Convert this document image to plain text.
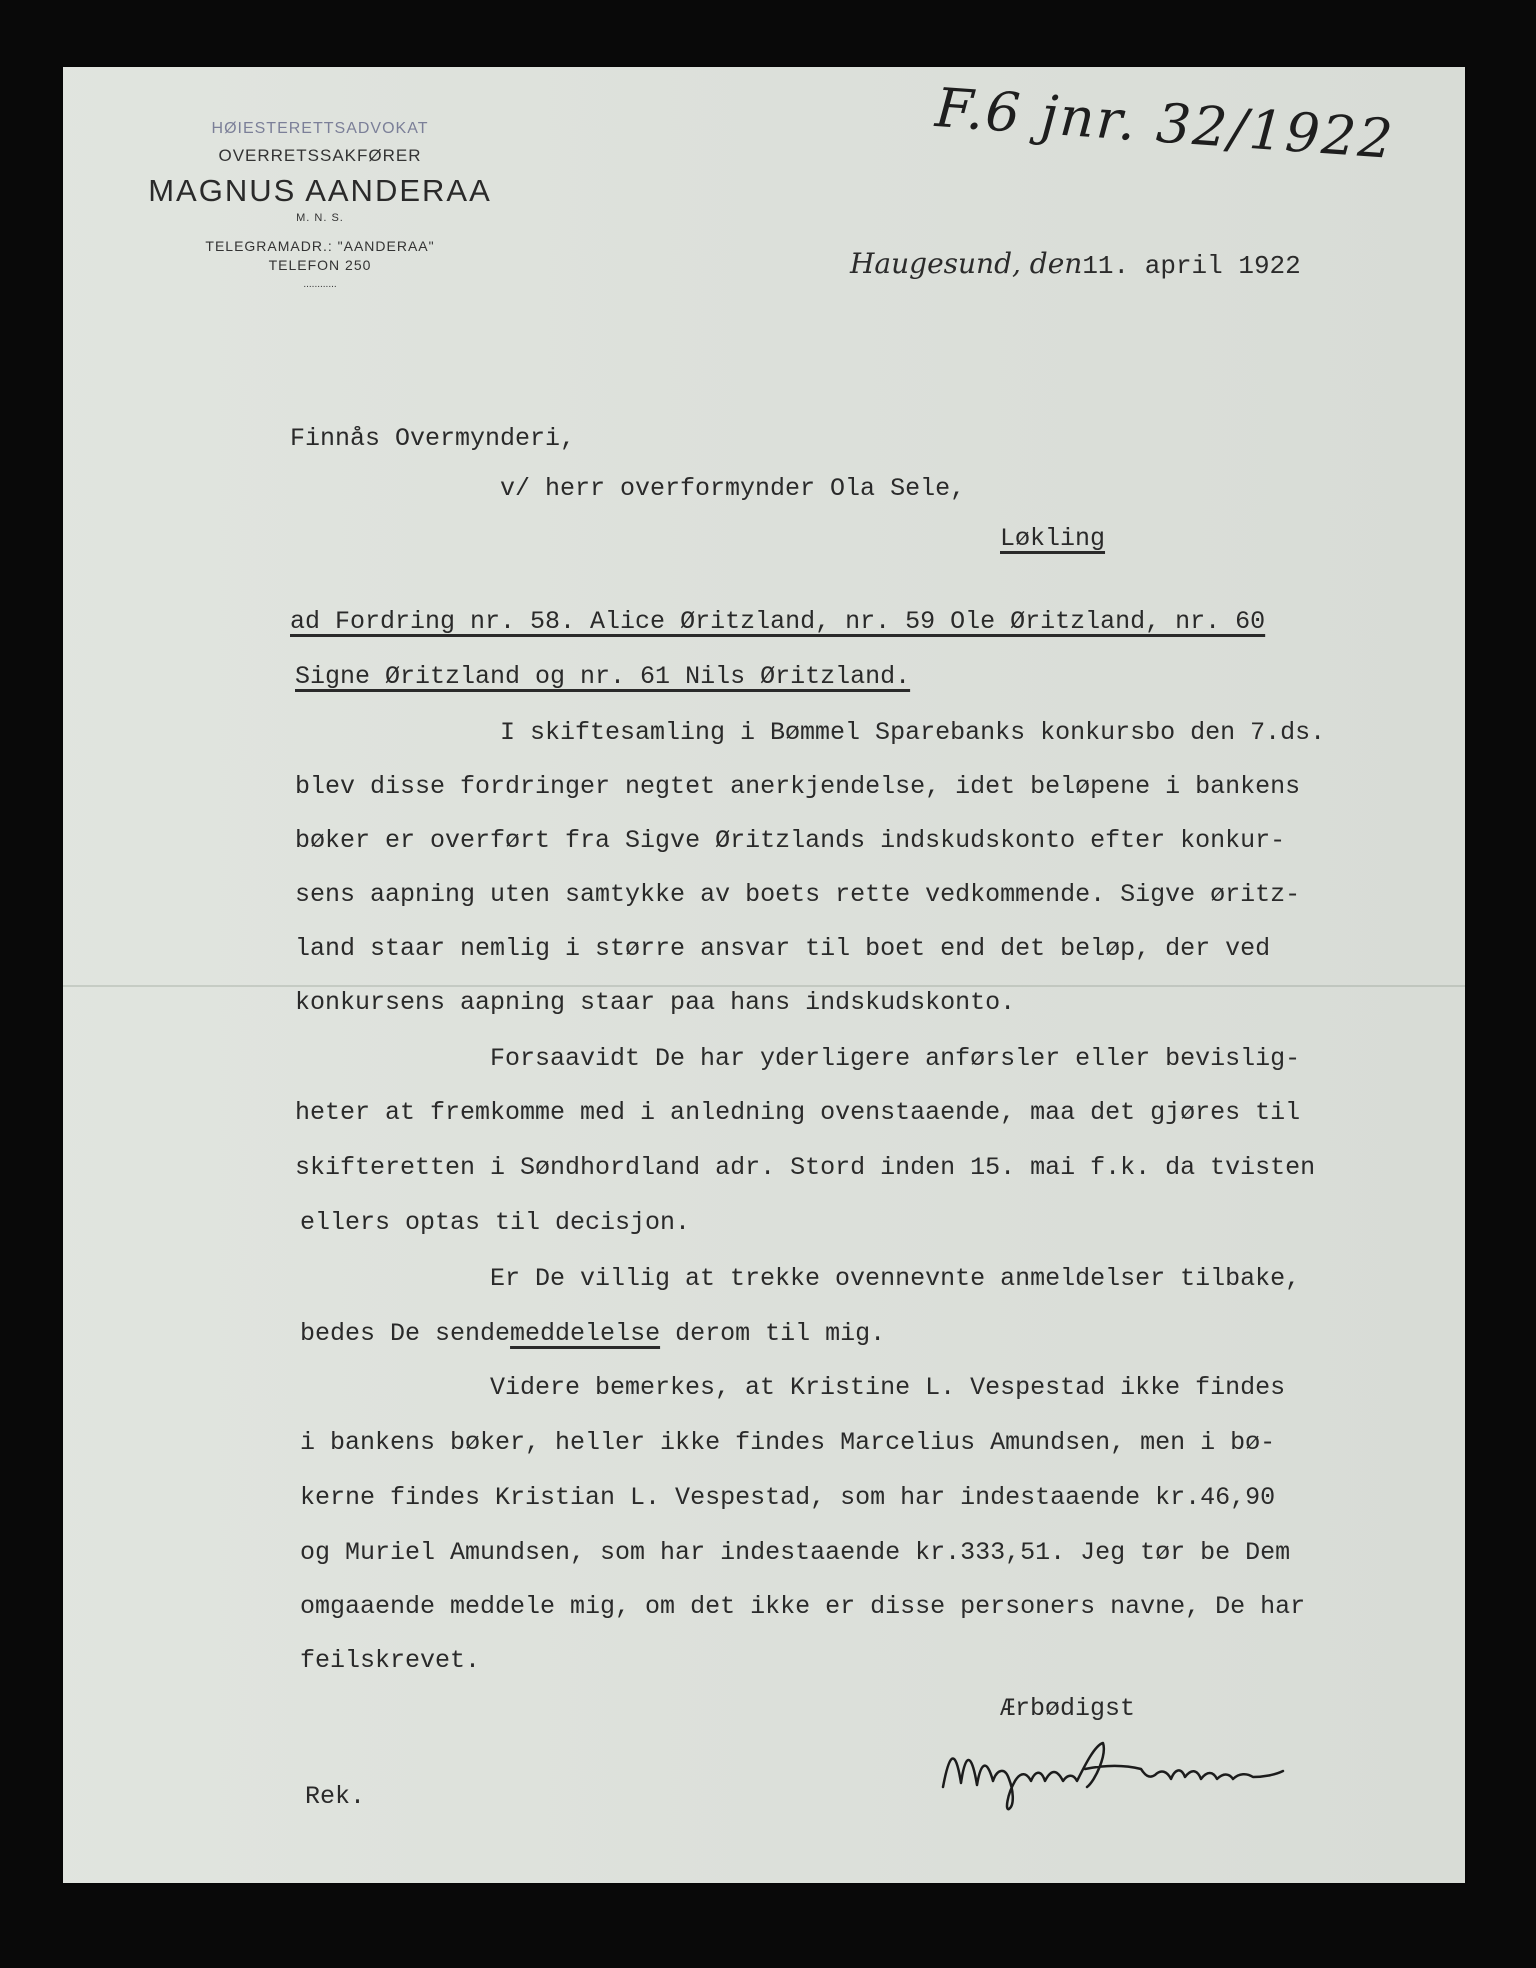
HØIESTERETTSADVOKAT
OVERRETSSAKFØRER
MAGNUS AANDERAA
M. N. S.
TELEGRAMADR.: "AANDERAA"
TELEFON 250
............
F.6 jnr. 32/1922
Haugesund, den11. april 1922
Finnås Overmynderi,
v/ herr overformynder Ola Sele,
Løkling
ad Fordring nr. 58. Alice Øritzland, nr. 59 Ole Øritzland, nr. 60
Signe Øritzland og nr. 61 Nils Øritzland.
I skiftesamling i Bømmel Sparebanks konkursbo den 7.ds.
blev disse fordringer negtet anerkjendelse, idet beløpene i bankens
bøker er overført fra Sigve Øritzlands indskudskonto efter konkur-
sens aapning uten samtykke av boets rette vedkommende. Sigve øritz-
land staar nemlig i større ansvar til boet end det beløp, der ved
konkursens aapning staar paa hans indskudskonto.
Forsaavidt De har yderligere anførsler eller bevislig-
heter at fremkomme med i anledning ovenstaaende, maa det gjøres til
skifteretten i Søndhordland adr. Stord inden 15. mai f.k. da tvisten
ellers optas til decisjon.
Er De villig at trekke ovennevnte anmeldelser tilbake,
bedes De sendemeddelelse derom til mig.
Videre bemerkes, at Kristine L. Vespestad ikke findes
i bankens bøker, heller ikke findes Marcelius Amundsen, men i bø-
kerne findes Kristian L. Vespestad, som har indestaaende kr.46,90
og Muriel Amundsen, som har indestaaende kr.333,51. Jeg tør be Dem
omgaaende meddele mig, om det ikke er disse personers navne, De har
feilskrevet.
Ærbødigst
Rek.
